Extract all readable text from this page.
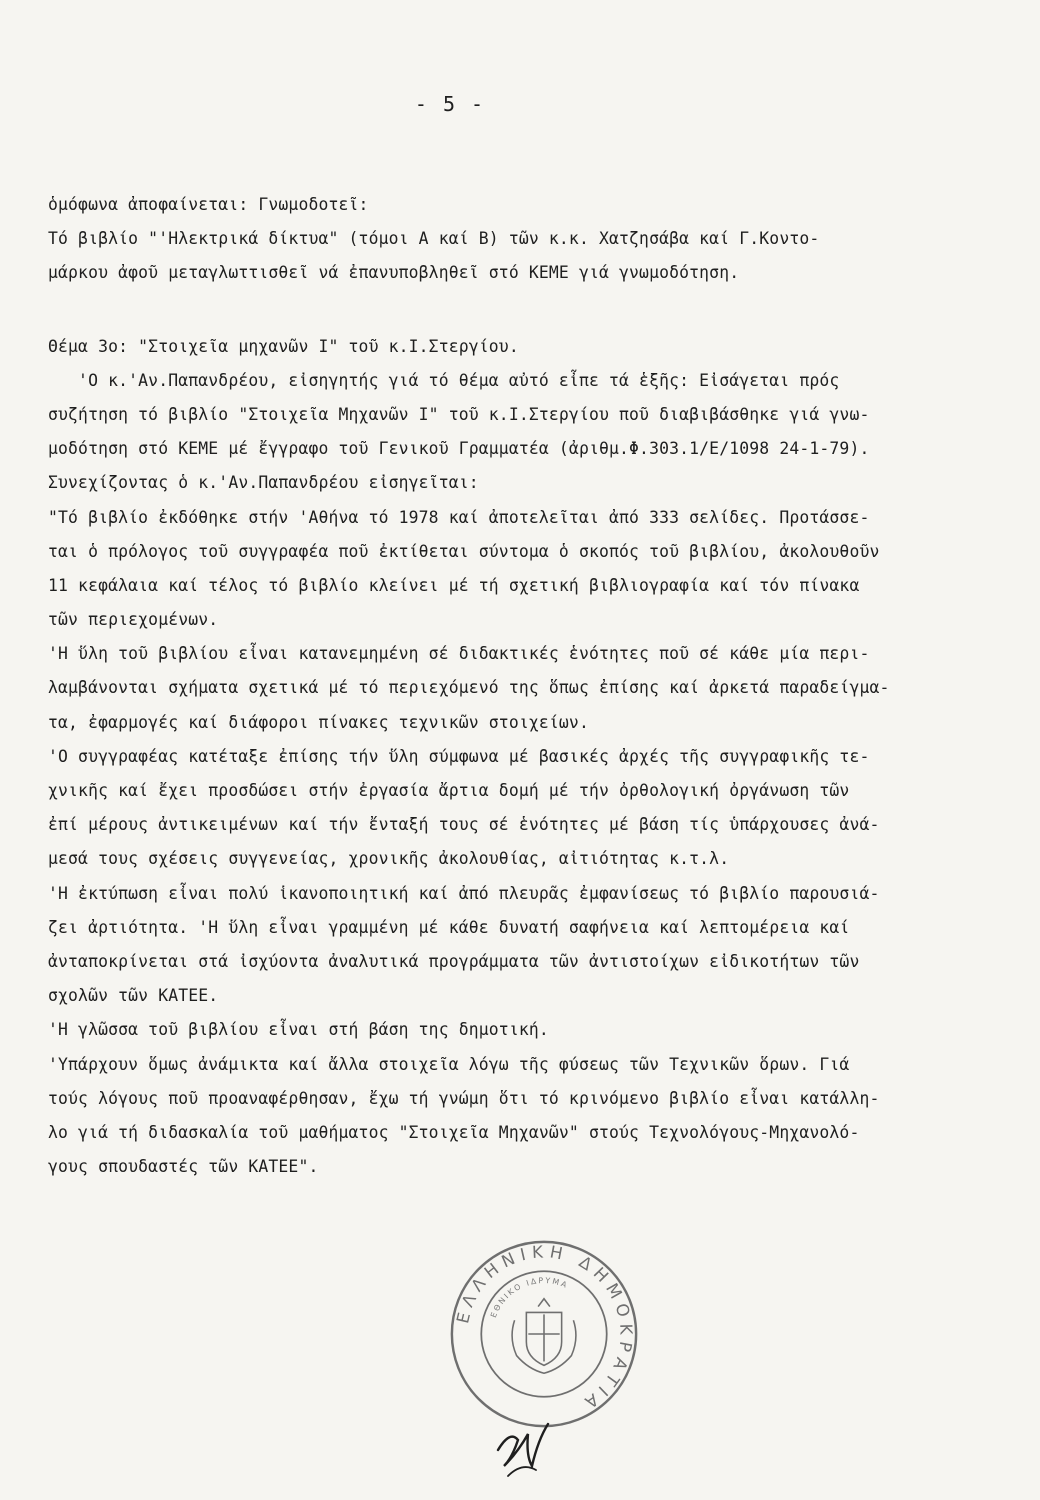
- 5 -
ὁμόφωνα ἀποφαίνεται: Γνωμοδοτεῖ:
Τό βιβλίο "'Ηλεκτρικά δίκτυα" (τόμοι Α καί Β) τῶν κ.κ. Χατζησάβα καί Γ.Κοντο-
μάρκου ἀφοῦ μεταγλωττισθεῖ νά ἐπανυποβληθεῖ στό ΚΕΜΕ γιά γνωμοδότηση.
Θέμα 3ο: "Στοιχεῖα μηχανῶν Ι" τοῦ κ.Ι.Στεργίου.
'Ο κ.'Αν.Παπανδρέου, εἰσηγητής γιά τό θέμα αὐτό εἶπε τά ἑξῆς: Εἰσάγεται πρός
συζήτηση τό βιβλίο "Στοιχεῖα Μηχανῶν Ι" τοῦ κ.Ι.Στεργίου ποῦ διαβιβάσθηκε γιά γνω-
μοδότηση στό ΚΕΜΕ μέ ἔγγραφο τοῦ Γενικοῦ Γραμματέα (ἀριθμ.Φ.303.1/Ε/1098 24-1-79).
Συνεχίζοντας ὁ κ.'Αν.Παπανδρέου εἰσηγεῖται:
"Τό βιβλίο ἐκδόθηκε στήν 'Αθήνα τό 1978 καί ἀποτελεῖται ἀπό 333 σελίδες. Προτάσσε-
ται ὁ πρόλογος τοῦ συγγραφέα ποῦ ἐκτίθεται σύντομα ὁ σκοπός τοῦ βιβλίου, ἀκολουθοῦν
11 κεφάλαια καί τέλος τό βιβλίο κλείνει μέ τή σχετική βιβλιογραφία καί τόν πίνακα
τῶν περιεχομένων.
'Η ὕλη τοῦ βιβλίου εἶναι κατανεμημένη σέ διδακτικές ἑνότητες ποῦ σέ κάθε μία περι-
λαμβάνονται σχήματα σχετικά μέ τό περιεχόμενό της ὅπως ἐπίσης καί ἀρκετά παραδείγμα-
τα, ἐφαρμογές καί διάφοροι πίνακες τεχνικῶν στοιχείων.
'Ο συγγραφέας κατέταξε ἐπίσης τήν ὕλη σύμφωνα μέ βασικές ἀρχές τῆς συγγραφικῆς τε-
χνικῆς καί ἔχει προσδώσει στήν ἐργασία ἄρτια δομή μέ τήν ὀρθολογική ὀργάνωση τῶν
ἐπί μέρους ἀντικειμένων καί τήν ἔνταξή τους σέ ἑνότητες μέ βάση τίς ὑπάρχουσες ἀνά-
μεσά τους σχέσεις συγγενείας, χρονικῆς ἀκολουθίας, αἰτιότητας κ.τ.λ.
'Η ἐκτύπωση εἶναι πολύ ἱκανοποιητική καί ἀπό πλευρᾶς ἐμφανίσεως τό βιβλίο παρουσιά-
ζει ἀρτιότητα. 'Η ὕλη εἶναι γραμμένη μέ κάθε δυνατή σαφήνεια καί λεπτομέρεια καί
ἀνταποκρίνεται στά ἰσχύοντα ἀναλυτικά προγράμματα τῶν ἀντιστοίχων εἰδικοτήτων τῶν
σχολῶν τῶν ΚΑΤΕΕ.
'Η γλῶσσα τοῦ βιβλίου εἶναι στή βάση της δημοτική.
'Υπάρχουν ὅμως ἀνάμικτα καί ἄλλα στοιχεῖα λόγω τῆς φύσεως τῶν Τεχνικῶν ὅρων. Γιά
τούς λόγους ποῦ προαναφέρθησαν, ἔχω τή γνώμη ὅτι τό κρινόμενο βιβλίο εἶναι κατάλλη-
λο γιά τή διδασκαλία τοῦ μαθήματος "Στοιχεῖα Μηχανῶν" στούς Τεχνολόγους-Μηχανολό-
γους σπουδαστές τῶν ΚΑΤΕΕ".
ΕΛΛΗΝΙΚΗ ΔΗΜΟΚΡΑΤΙΑ
ΕΘΝΙΚΟ ΙΔΡΥΜΑ
